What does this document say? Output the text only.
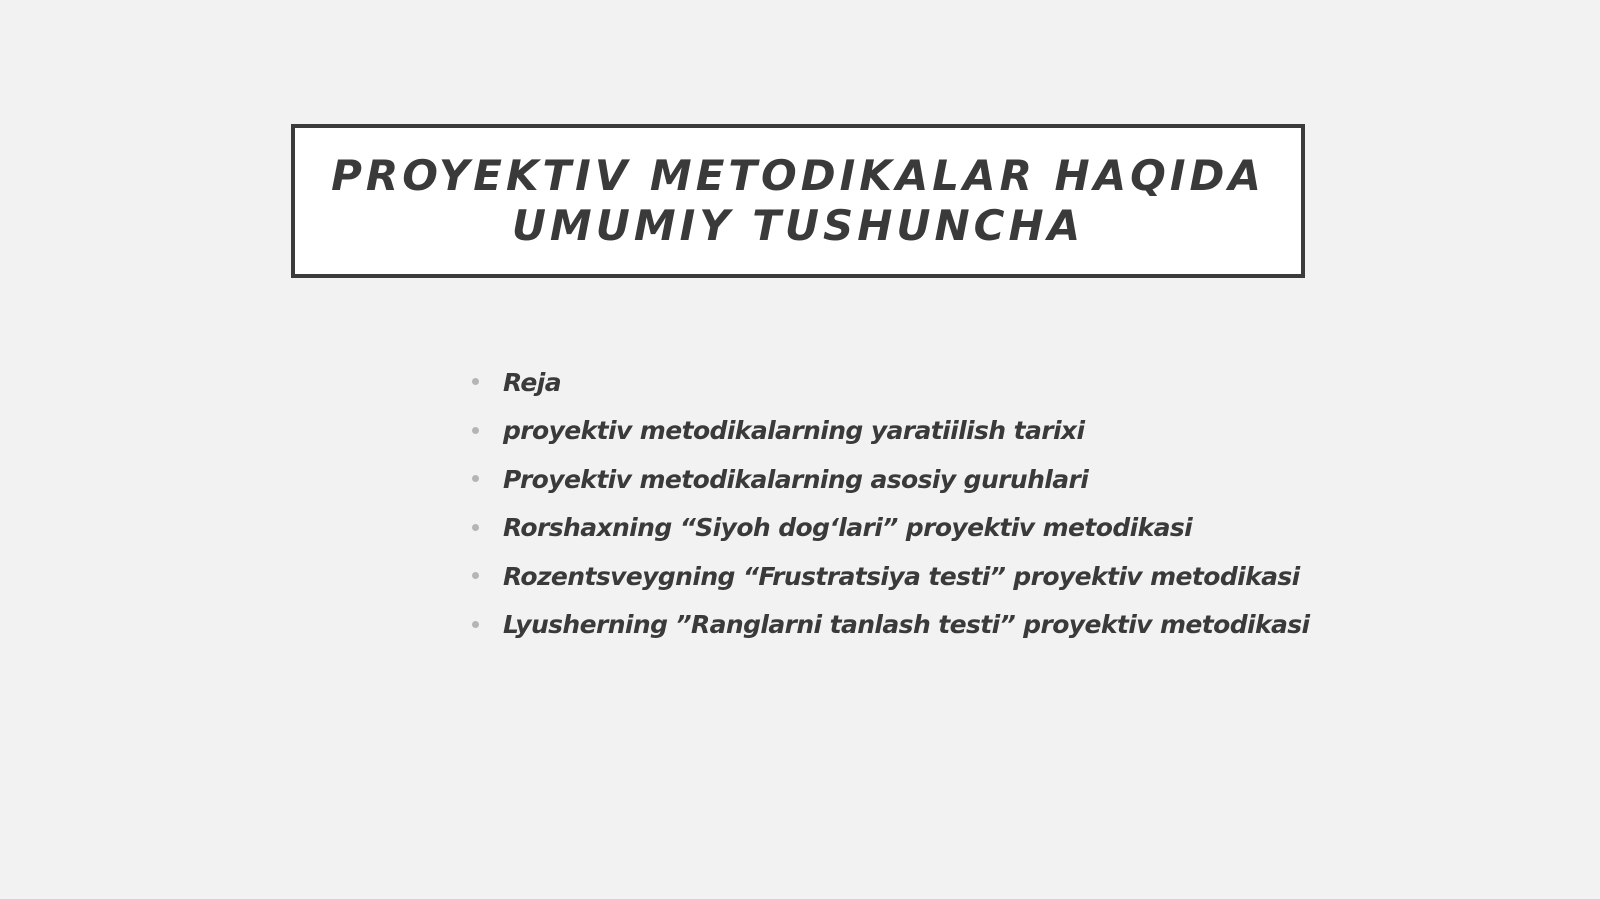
PROYEKTIV METODIKALAR HAQIDA
UMUMIY TUSHUNCHA
Reja
proyektiv metodikalarning yaratiilish tarixi
Proyektiv metodikalarning asosiy guruhlari
Rorshaxning “Siyoh dog‘lari” proyektiv metodikasi
Rozentsveygning “Frustratsiya testi” proyektiv metodikasi
Lyusherning ”Ranglarni tanlash testi” proyektiv metodikasi
